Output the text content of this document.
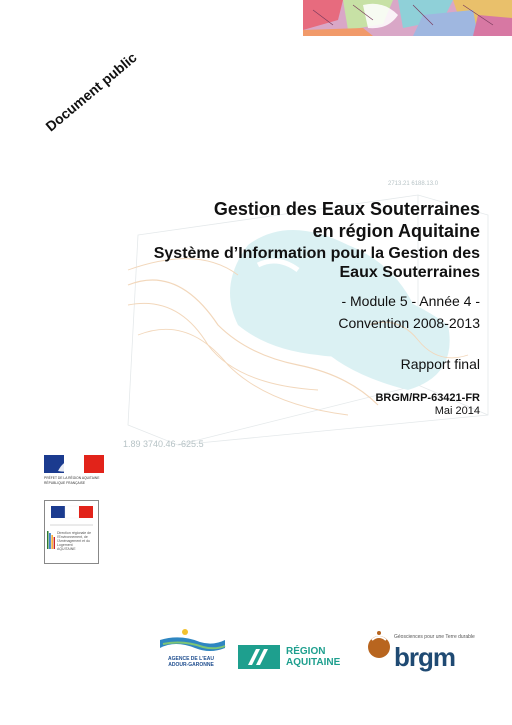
Document public
2713.21 6188.13.0
1.89 3740.46 -625.5
Gestion des Eaux Souterraines
en région Aquitaine
Système d’Information pour la Gestion des
Eaux Souterraines
- Module 5 - Année 4 -
Convention 2008-2013
Rapport final
BRGM/RP-63421-FR
Mai 2014
PRÉFET DE LA RÉGION AQUITAINE
RÉPUBLIQUE FRANÇAISE
Direction régionale de l'Environnement, de l'Aménagement et du Logement
AQUITAINE
AGENCE DE L'EAU
ADOUR-GARONNE
RÉGION
AQUITAINE
Géosciences pour une Terre durable
brgm
